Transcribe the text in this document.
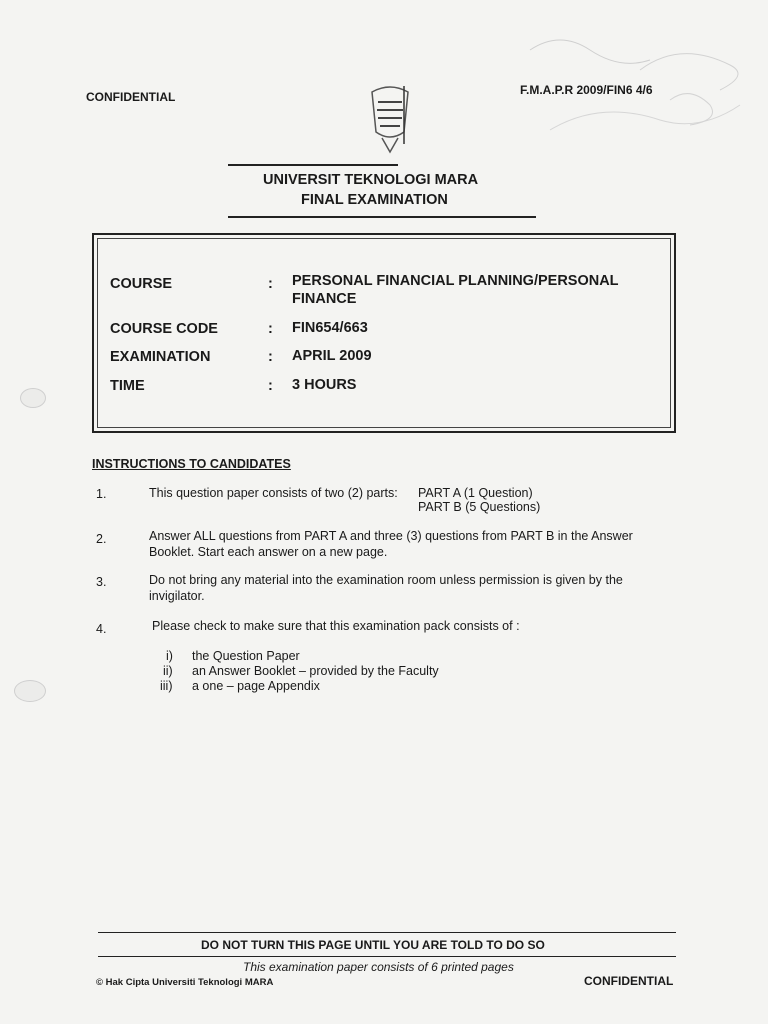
CONFIDENTIAL	F.M.A.P.R 2009/FIN6 4/6
UNIVERSIT TEKNOLOGI MARA
FINAL EXAMINATION
COURSE	: PERSONAL FINANCIAL PLANNING/PERSONAL FINANCE
COURSE CODE	: FIN654/663
EXAMINATION	: APRIL 2009
TIME	: 3 HOURS
INSTRUCTIONS TO CANDIDATES
1.	This question paper consists of two (2) parts: PART A (1 Question)
PART B (5 Questions)
2.	Answer ALL questions from PART A and three (3) questions from PART B in the Answer Booklet. Start each answer on a new page.
3.	Do not bring any material into the examination room unless permission is given by the invigilator.
4.	Please check to make sure that this examination pack consists of :
i) the Question Paper
ii) an Answer Booklet – provided by the Faculty
iii) a one – page Appendix
DO NOT TURN THIS PAGE UNTIL YOU ARE TOLD TO DO SO
This examination paper consists of 6 printed pages
© Hak Cipta Universiti Teknologi MARA	CONFIDENTIAL
